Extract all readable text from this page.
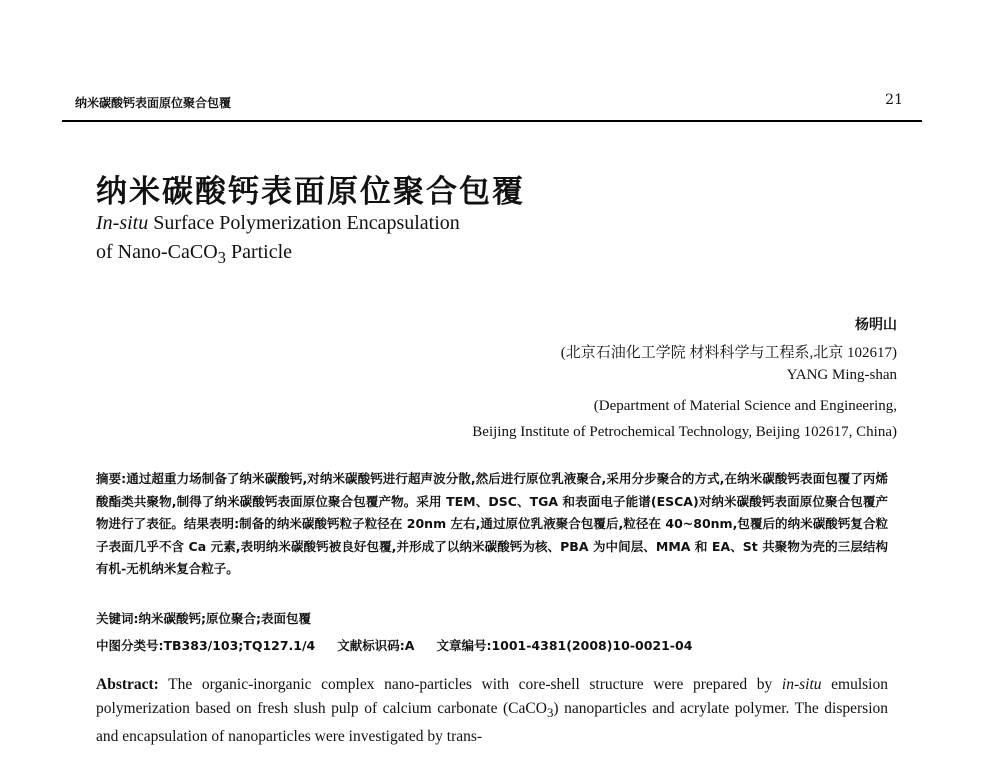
纳米碳酸钙表面原位聚合包覆	21
纳米碳酸钙表面原位聚合包覆
In-situ Surface Polymerization Encapsulation
of Nano-CaCO$_3$ Particle
杨明山
(北京石油化工学院 材料科学与工程系,北京 102617)
YANG Ming-shan
(Department of Material Science and Engineering,
Beijing Institute of Petrochemical Technology, Beijing 102617, China)
摘要:通过超重力场制备了纳米碳酸钙,对纳米碳酸钙进行超声波分散,然后进行原位乳液聚合,采用分步聚合的方式,在纳米碳酸钙表面包覆了丙烯酸酯类共聚物,制得了纳米碳酸钙表面原位聚合包覆产物。采用 TEM、DSC、TGA 和表面电子能谱(ESCA)对纳米碳酸钙表面原位聚合包覆产物进行了表征。结果表明:制备的纳米碳酸钙粒子粒径在 20nm 左右,通过原位乳液聚合包覆后,粒径在 40~80nm,包覆后的纳米碳酸钙复合粒子表面几乎不含 Ca 元素,表明纳米碳酸钙被良好包覆,并形成了以纳米碳酸钙为核、PBA 为中间层、MMA 和 EA、St 共聚物为壳的三层结构有机-无机纳米复合粒子。
关键词:纳米碳酸钙;原位聚合;表面包覆
中图分类号:TB383/103;TQ127.1/4 文献标识码:A 文章编号:1001-4381(2008)10-0021-04
Abstract: The organic-inorganic complex nano-particles with core-shell structure were prepared by in-situ emulsion polymerization based on fresh slush pulp of calcium carbonate (CaCO$_3$) nanoparticles and acrylate polymer. The dispersion and encapsulation of nanoparticles were investigated by trans-
